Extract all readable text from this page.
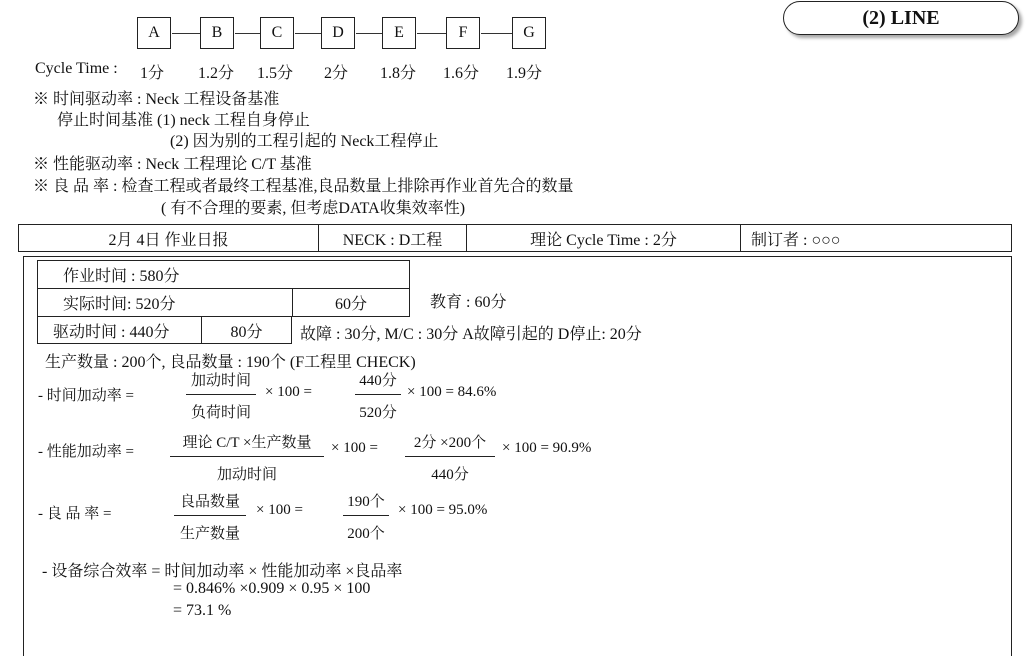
A	B	C	D	E	F	G
Cycle Time : 1分 1.2分 1.5分 2分 1.8分 1.6分 1.9分
(2) LINE
※ 时间驱动率 : Neck 工程设备基准
停止时间基准 (1) neck 工程自身停止
(2) 因为别的工程引起的 Neck工程停止
※ 性能驱动率 : Neck 工程理论 C/T 基准
※ 良 品 率 : 检查工程或者最终工程基准,良品数量上排除再作业首先合的数量
( 有不合理的要素, 但考虑DATA收集效率性)
2月 4日 作业日报	NECK : D工程	理论 Cycle Time : 2分	制订者 : ○○○
作业时间 : 580分
实际时间: 520分	60分
驱动时间 : 440分	80分
教育 : 60分
故障 : 30分, M/C : 30分 A故障引起的 D停止: 20分
生产数量 : 200个, 良品数量 : 190个 (F工程里 CHECK)
- 时间加动率 =
加动时间
负荷时间
× 100 =
440分
520分
× 100 = 84.6%
- 性能加动率 =
理论 C/T ×生产数量
加动时间
× 100 =	2分 ×200个
440分
× 100 = 90.9%
- 良 品 率 =
良品数量
生产数量
× 100 =	190个
200个
× 100 = 95.0%
- 设备综合效率 = 时间加动率 × 性能加动率 ×良品率
= 0.846% ×0.909 × 0.95 × 100
= 73.1 %
